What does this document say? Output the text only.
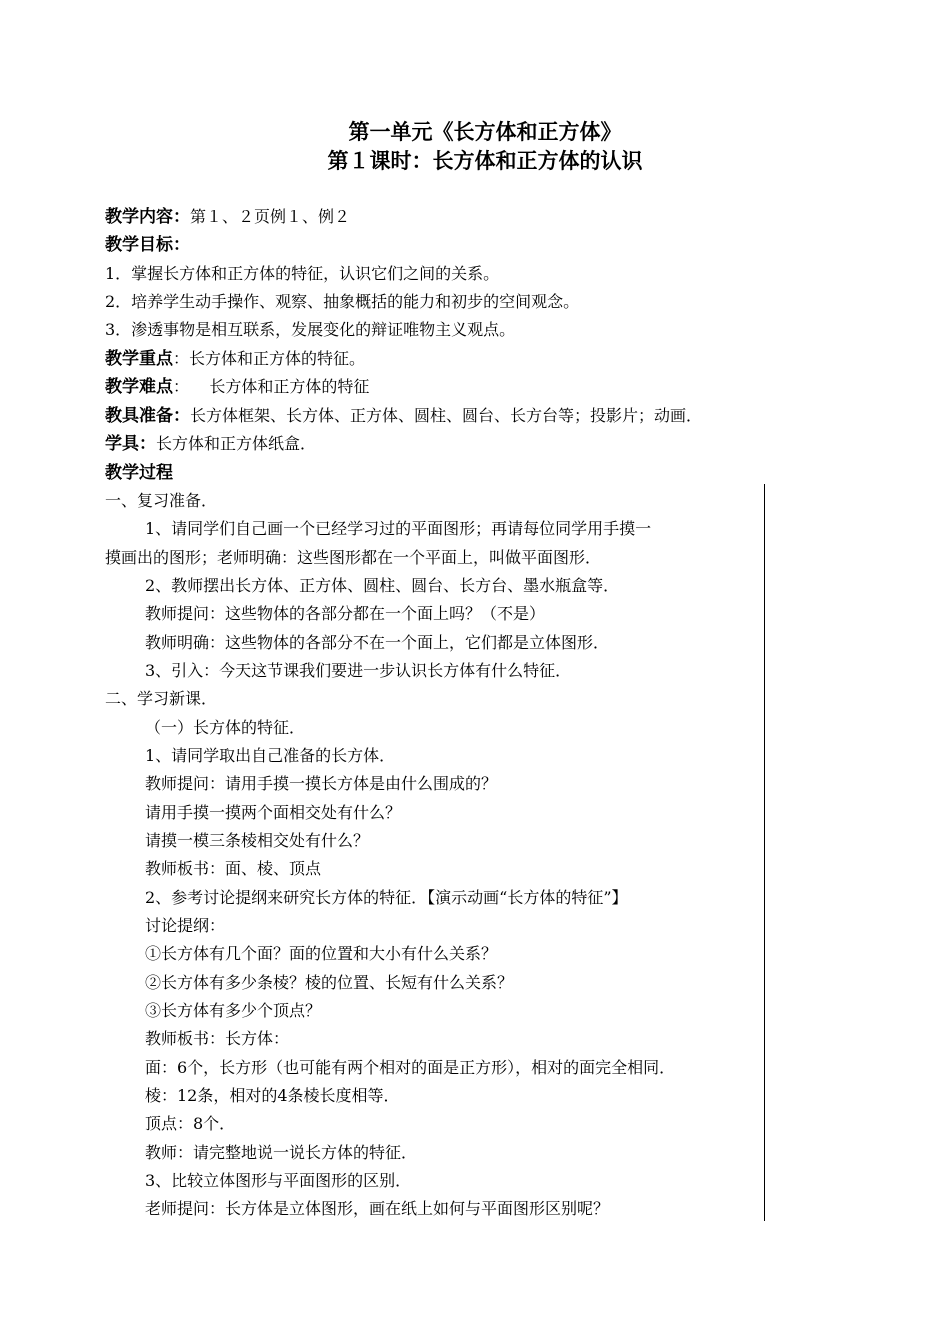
第一单元《长方体和正方体》
第１课时：长方体和正方体的认识
教学内容：第１、２页例１、例２
教学目标：
1．掌握长方体和正方体的特征，认识它们之间的关系。
2．培养学生动手操作、观察、抽象概括的能力和初步的空间观念。
3．渗透事物是相互联系，发展变化的辩证唯物主义观点。
教学重点：长方体和正方体的特征。
教学难点：    长方体和正方体的特征
教具准备：长方体框架、长方体、正方体、圆柱、圆台、长方台等；投影片；动画．
学具：长方体和正方体纸盒．
教学过程
一、复习准备．
1、请同学们自己画一个已经学习过的平面图形；再请每位同学用手摸一
摸画出的图形；老师明确：这些图形都在一个平面上，叫做平面图形．
2、教师摆出长方体、正方体、圆柱、圆台、长方台、墨水瓶盒等．
教师提问：这些物体的各部分都在一个面上吗？（不是）
教师明确：这些物体的各部分不在一个面上，它们都是立体图形．
3、引入：今天这节课我们要进一步认识长方体有什么特征．
二、学习新课．
（一）长方体的特征．
1、请同学取出自己准备的长方体．
教师提问：请用手摸一摸长方体是由什么围成的？
请用手摸一摸两个面相交处有什么？
请摸一模三条棱相交处有什么？
教师板书：面、棱、顶点
2、参考讨论提纲来研究长方体的特征．【演示动画“长方体的特征”】
讨论提纲：
①长方体有几个面？面的位置和大小有什么关系？
②长方体有多少条棱？棱的位置、长短有什么关系？
③长方体有多少个顶点？
教师板书：长方体：
面：6个，长方形（也可能有两个相对的面是正方形），相对的面完全相同．
棱：12条，相对的4条棱长度相等．
顶点：8个．
教师：请完整地说一说长方体的特征．
3、比较立体图形与平面图形的区别．
老师提问：长方体是立体图形，画在纸上如何与平面图形区别呢？
